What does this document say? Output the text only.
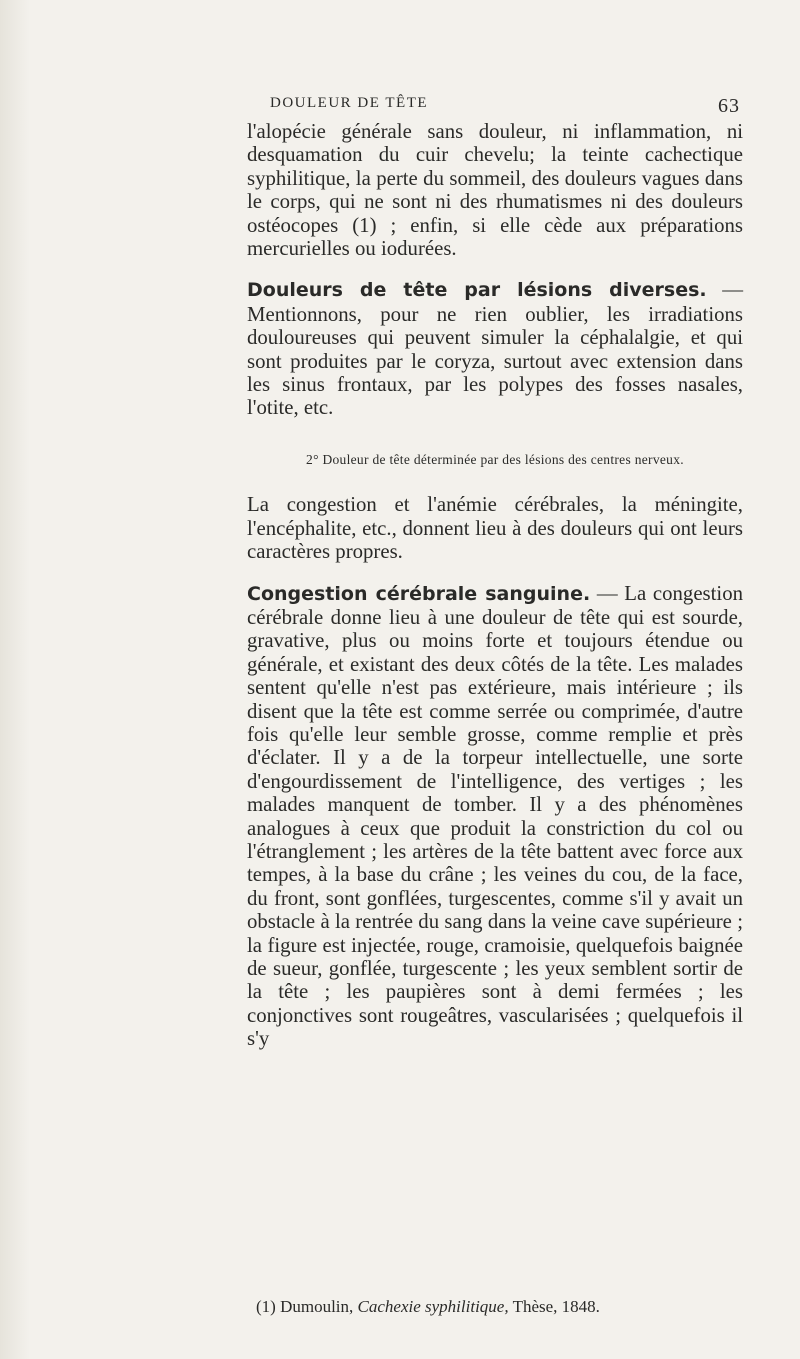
DOULEUR DE TÊTE	63

l'alopécie générale sans douleur, ni inflammation, ni desquamation du cuir chevelu; la teinte cachectique syphilitique, la perte du sommeil, des douleurs vagues dans le corps, qui ne sont ni des rhumatismes ni des douleurs ostéocopes (1) ; enfin, si elle cède aux préparations mercurielles ou iodurées.

Douleurs de tête par lésions diverses. — Mentionnons, pour ne rien oublier, les irradiations douloureuses qui peuvent simuler la céphalalgie, et qui sont produites par le coryza, surtout avec extension dans les sinus frontaux, par les polypes des fosses nasales, l'otite, etc.

2° Douleur de tête déterminée par des lésions des centres nerveux.

La congestion et l'anémie cérébrales, la méningite, l'encéphalite, etc., donnent lieu à des douleurs qui ont leurs caractères propres.

Congestion cérébrale sanguine. — La congestion cérébrale donne lieu à une douleur de tête qui est sourde, gravative, plus ou moins forte et toujours étendue ou générale, et existant des deux côtés de la tête. Les malades sentent qu'elle n'est pas extérieure, mais intérieure ; ils disent que la tête est comme serrée ou comprimée, d'autre fois qu'elle leur semble grosse, comme remplie et près d'éclater. Il y a de la torpeur intellectuelle, une sorte d'engourdissement de l'intelligence, des vertiges ; les malades manquent de tomber. Il y a des phénomènes analogues à ceux que produit la constriction du col ou l'étranglement ; les artères de la tête battent avec force aux tempes, à la base du crâne ; les veines du cou, de la face, du front, sont gonflées, turgescentes, comme s'il y avait un obstacle à la rentrée du sang dans la veine cave supérieure ; la figure est injectée, rouge, cramoisie, quelquefois baignée de sueur, gonflée, turgescente ; les yeux semblent sortir de la tête ; les paupières sont à demi fermées ; les conjonctives sont rougeâtres, vascularisées ; quelquefois il s'y

(1) Dumoulin, Cachexie syphilitique, Thèse, 1848.
